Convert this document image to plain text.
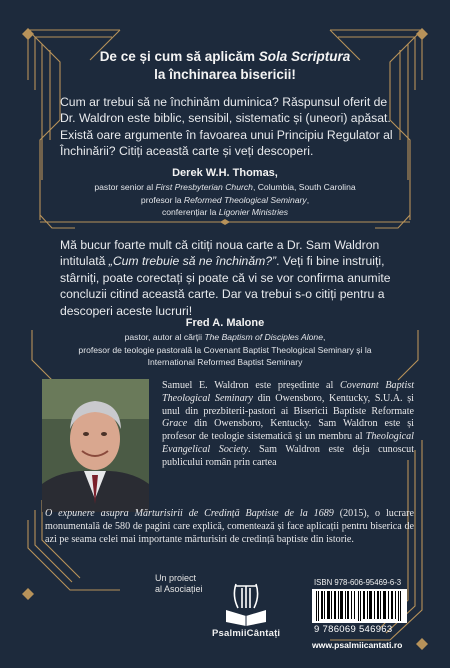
De ce și cum să aplicăm Sola Scriptura
la închinarea bisericii!
Cum ar trebui să ne închinăm duminica? Răspunsul oferit de Dr. Waldron este biblic, sensibil, sistematic și (uneori) apăsat. Există oare argumente în favoarea unui Principiu Regulator al Închinării? Citiți această carte și veți descoperi.
Derek W.H. Thomas,
pastor senior al First Presbyterian Church, Columbia, South Carolina
profesor la Reformed Theological Seminary,
conferențiar la Ligonier Ministries
Mă bucur foarte mult că citiți noua carte a Dr. Sam Waldron intitulată „Cum trebuie să ne închinăm?”. Veți fi bine instruiți, stârniți, poate corectați și poate că vi se vor confirma anumite concluzii citind această carte. Dar va trebui s-o citiți pentru a descoperi aceste lucruri!
Fred A. Malone
pastor, autor al cărții The Baptism of Disciples Alone,
profesor de teologie pastorală la Covenant Baptist Theological Seminary și la
International Reformed Baptist Seminary
Samuel E. Waldron este președinte al Covenant Baptist Theological Seminary din Owensboro, Kentucky, S.U.A. și unul din prezbiterii-pastori ai Bisericii Baptiste Reformate Grace din Owensboro, Kentucky. Sam Waldron este și profesor de teologie sistematică și un membru al Theological Evangelical Society. Sam Waldron este deja cunoscut publicului român prin cartea
O expunere asupra Mărturisirii de Credință Baptiste de la 1689 (2015), o lucrare monumentală de 580 de pagini care explică, comentează și face aplicații pentru biserica de azi pe seama celei mai importante mărturisiri de credință baptiste din istorie.
Un proiect
al Asociației
PsalmiiCântați
ISBN 978-606-95469-6-3
9 786069 546963
www.psalmiicantati.ro
